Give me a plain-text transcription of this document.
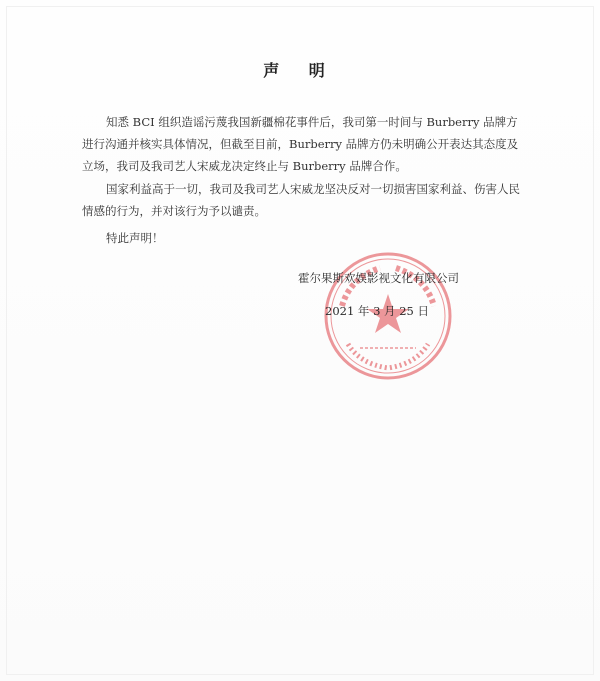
声 明

知悉 BCI 组织造谣污蔑我国新疆棉花事件后，我司第一时间与 Burberry 品牌方进行沟通并核实具体情况，但截至目前，Burberry 品牌方仍未明确公开表达其态度及立场，我司及我司艺人宋威龙决定终止与 Burberry 品牌合作。

国家利益高于一切，我司及我司艺人宋威龙坚决反对一切损害国家利益、伤害人民情感的行为，并对该行为予以谴责。

特此声明！

霍尔果斯欢娱影视文化有限公司
2021 年 3 月 25 日
